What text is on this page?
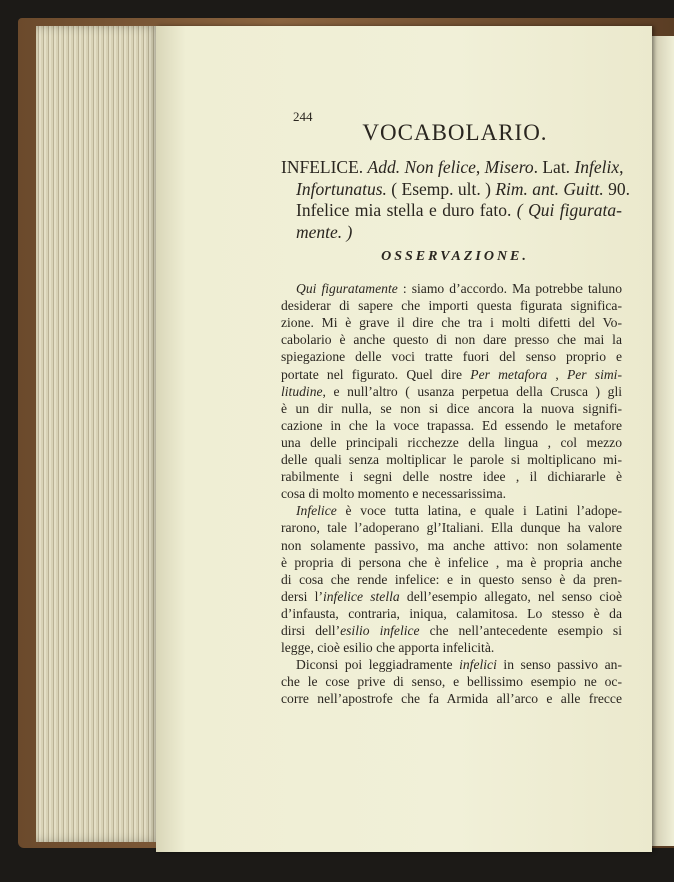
244
VOCABOLARIO.
INFELICE. Add. Non felice, Misero. Lat. Infelix,
Infortunatus. ( Esemp. ult. ) Rim. ant. Guitt. 90.
Infelice mia stella e duro fato. ( Qui figurata-
mente. )
OSSERVAZIONE.
Qui figuratamente : siamo d’accordo. Ma potrebbe taluno
desiderar di sapere che importi questa figurata significa-
zione. Mi è grave il dire che tra i molti difetti del Vo-
cabolario è anche questo di non dare presso che mai la
spiegazione delle voci tratte fuori del senso proprio e
portate nel figurato. Quel dire Per metafora , Per simi-
litudine, e null’altro ( usanza perpetua della Crusca ) gli
è un dir nulla, se non si dice ancora la nuova signifi-
cazione in che la voce trapassa. Ed essendo le metafore
una delle principali ricchezze della lingua , col mezzo
delle quali senza moltiplicar le parole si moltiplicano mi-
rabilmente i segni delle nostre idee , il dichiararle è
cosa di molto momento e necessarissima.
Infelice è voce tutta latina, e quale i Latini l’adope-
rarono, tale l’adoperano gl’Italiani. Ella dunque ha valore
non solamente passivo, ma anche attivo: non solamente
è propria di persona che è infelice , ma è propria anche
di cosa che rende infelice: e in questo senso è da pren-
dersi l’infelice stella dell’esempio allegato, nel senso cioè
d’infausta, contraria, iniqua, calamitosa. Lo stesso è da
dirsi dell’esilio infelice che nell’antecedente esempio si
legge, cioè esilio che apporta infelicità.
Diconsi poi leggiadramente infelici in senso passivo an-
che le cose prive di senso, e bellissimo esempio ne oc-
corre nell’apostrofe che fa Armida all’arco e alle frecce
